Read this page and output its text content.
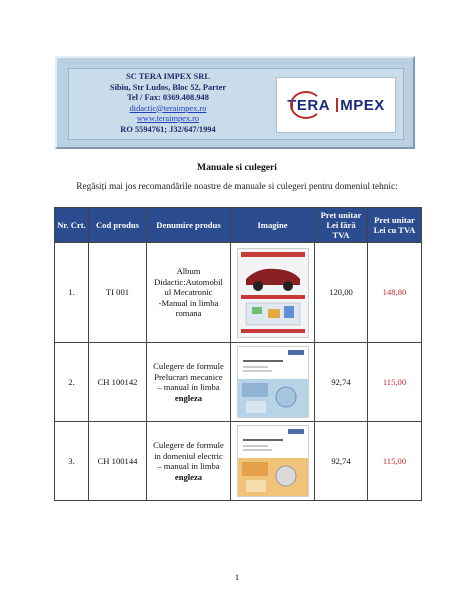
SC TERA IMPEX SRL
Sibiu, Str Ludos, Bloc 52, Parter
Tel / Fax: 0369.408.948
didactic@teraimpex.ro
www.teraimpex.ro
RO 5594761; J32/647/1994
TERA MPEX
Manuale si culegeri
Regăsiți mai jos recomandările noastre de manuale si culegeri pentru domeniul tehnic:
Nr. Crt.	Cod produs	Denumire produs	Imagine	Pret unitar Lei fără TVA	Pret unitar Lei cu TVA
1.	TI 001	Album
Didactic:Automobil
ul Mecatronic
-Manual in limba
romana		120,00	148,80
2.	CH 100142	Culegere de formule
Prelucrari mecanice
– manual in limba
engleza		92,74	115,00
3.	CH 100144	Culegere de formule
in domeniul electric
– manual in limba
engleza		92,74	115,00
1
